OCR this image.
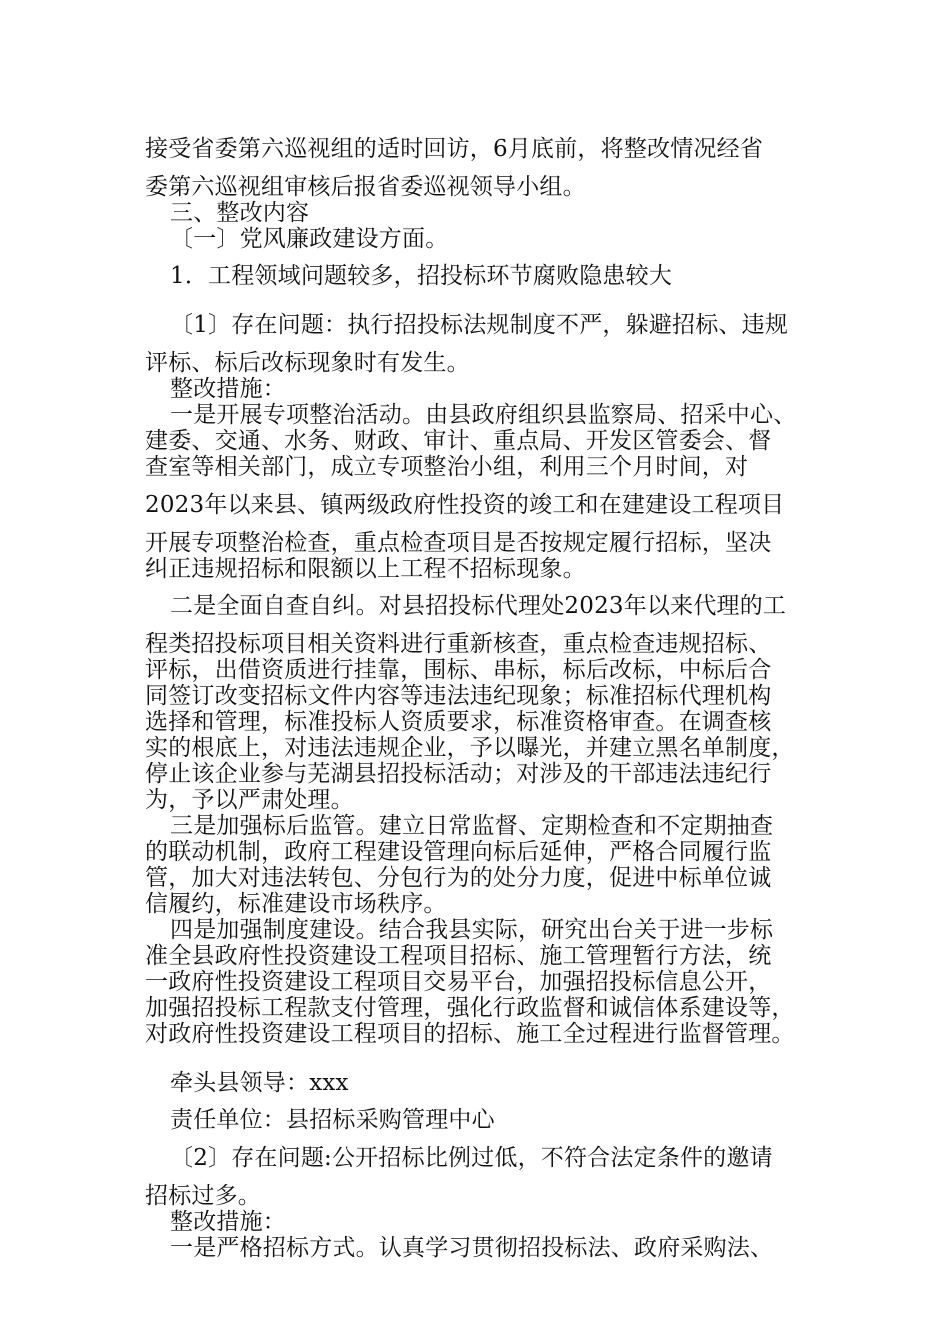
接受省委第六巡视组的适时回访，6月底前，将整改情况经省
委第六巡视组审核后报省委巡视领导小组。
三、整改内容
〔一〕党风廉政建设方面。
1．工程领域问题较多，招投标环节腐败隐患较大
〔1〕存在问题：执行招投标法规制度不严，躲避招标、违规
评标、标后改标现象时有发生。
整改措施：
一是开展专项整治活动。由县政府组织县监察局、招采中心、
建委、交通、水务、财政、审计、重点局、开发区管委会、督
查室等相关部门，成立专项整治小组，利用三个月时间，对
2023年以来县、镇两级政府性投资的竣工和在建建设工程项目
开展专项整治检查，重点检查项目是否按规定履行招标，坚决
纠正违规招标和限额以上工程不招标现象。
二是全面自查自纠。对县招投标代理处2023年以来代理的工
程类招投标项目相关资料进行重新核查，重点检查违规招标、
评标，出借资质进行挂靠，围标、串标，标后改标，中标后合
同签订改变招标文件内容等违法违纪现象；标准招标代理机构
选择和管理，标准投标人资质要求，标准资格审查。在调查核
实的根底上，对违法违规企业，予以曝光，并建立黑名单制度，
停止该企业参与芜湖县招投标活动；对涉及的干部违法违纪行
为，予以严肃处理。
三是加强标后监管。建立日常监督、定期检查和不定期抽查
的联动机制，政府工程建设管理向标后延伸，严格合同履行监
管，加大对违法转包、分包行为的处分力度，促进中标单位诚
信履约，标准建设市场秩序。
四是加强制度建设。结合我县实际，研究出台关于进一步标
准全县政府性投资建设工程项目招标、施工管理暂行方法，统
一政府性投资建设工程项目交易平台，加强招投标信息公开，
加强招投标工程款支付管理，强化行政监督和诚信体系建设等，
对政府性投资建设工程项目的招标、施工全过程进行监督管理。
牵头县领导：xxx
责任单位：县招标采购管理中心
〔2〕存在问题:公开招标比例过低，不符合法定条件的邀请
招标过多。
整改措施：
一是严格招标方式。认真学习贯彻招投标法、政府采购法、
